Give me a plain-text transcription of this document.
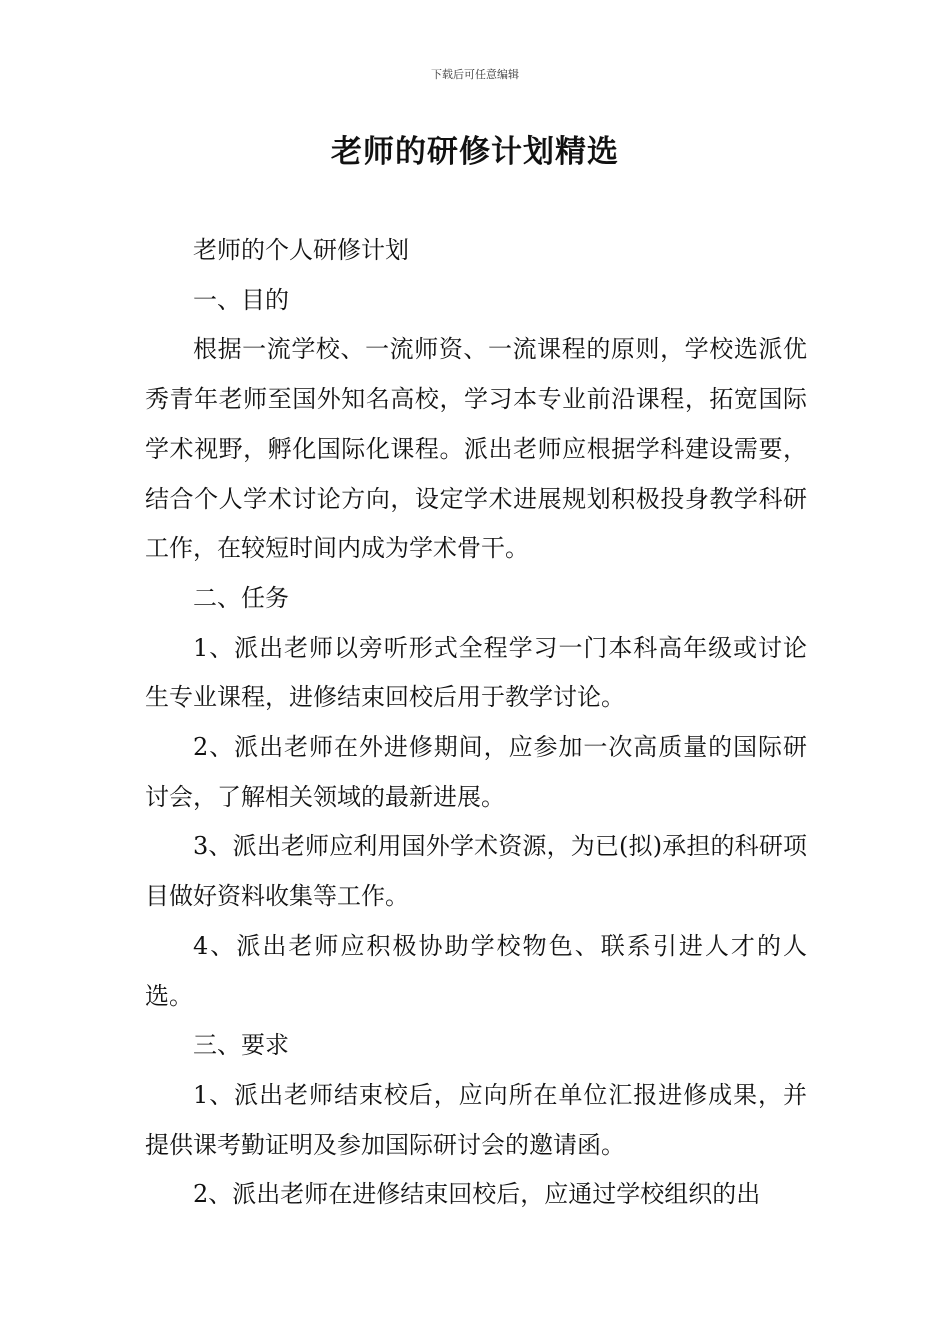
下载后可任意编辑
老师的研修计划精选

老师的个人研修计划

一、目的

根据一流学校、一流师资、一流课程的原则，学校选派优秀青年老师至国外知名高校，学习本专业前沿课程，拓宽国际学术视野，孵化国际化课程。派出老师应根据学科建设需要，结合个人学术讨论方向，设定学术进展规划积极投身教学科研工作，在较短时间内成为学术骨干。

二、任务

1、派出老师以旁听形式全程学习一门本科高年级或讨论生专业课程，进修结束回校后用于教学讨论。

2、派出老师在外进修期间，应参加一次高质量的国际研讨会，了解相关领域的最新进展。

3、派出老师应利用国外学术资源，为已(拟)承担的科研项目做好资料收集等工作。

4、派出老师应积极协助学校物色、联系引进人才的人选。

三、要求

1、派出老师结束校后，应向所在单位汇报进修成果，并提供课考勤证明及参加国际研讨会的邀请函。

2、派出老师在进修结束回校后，应通过学校组织的出
